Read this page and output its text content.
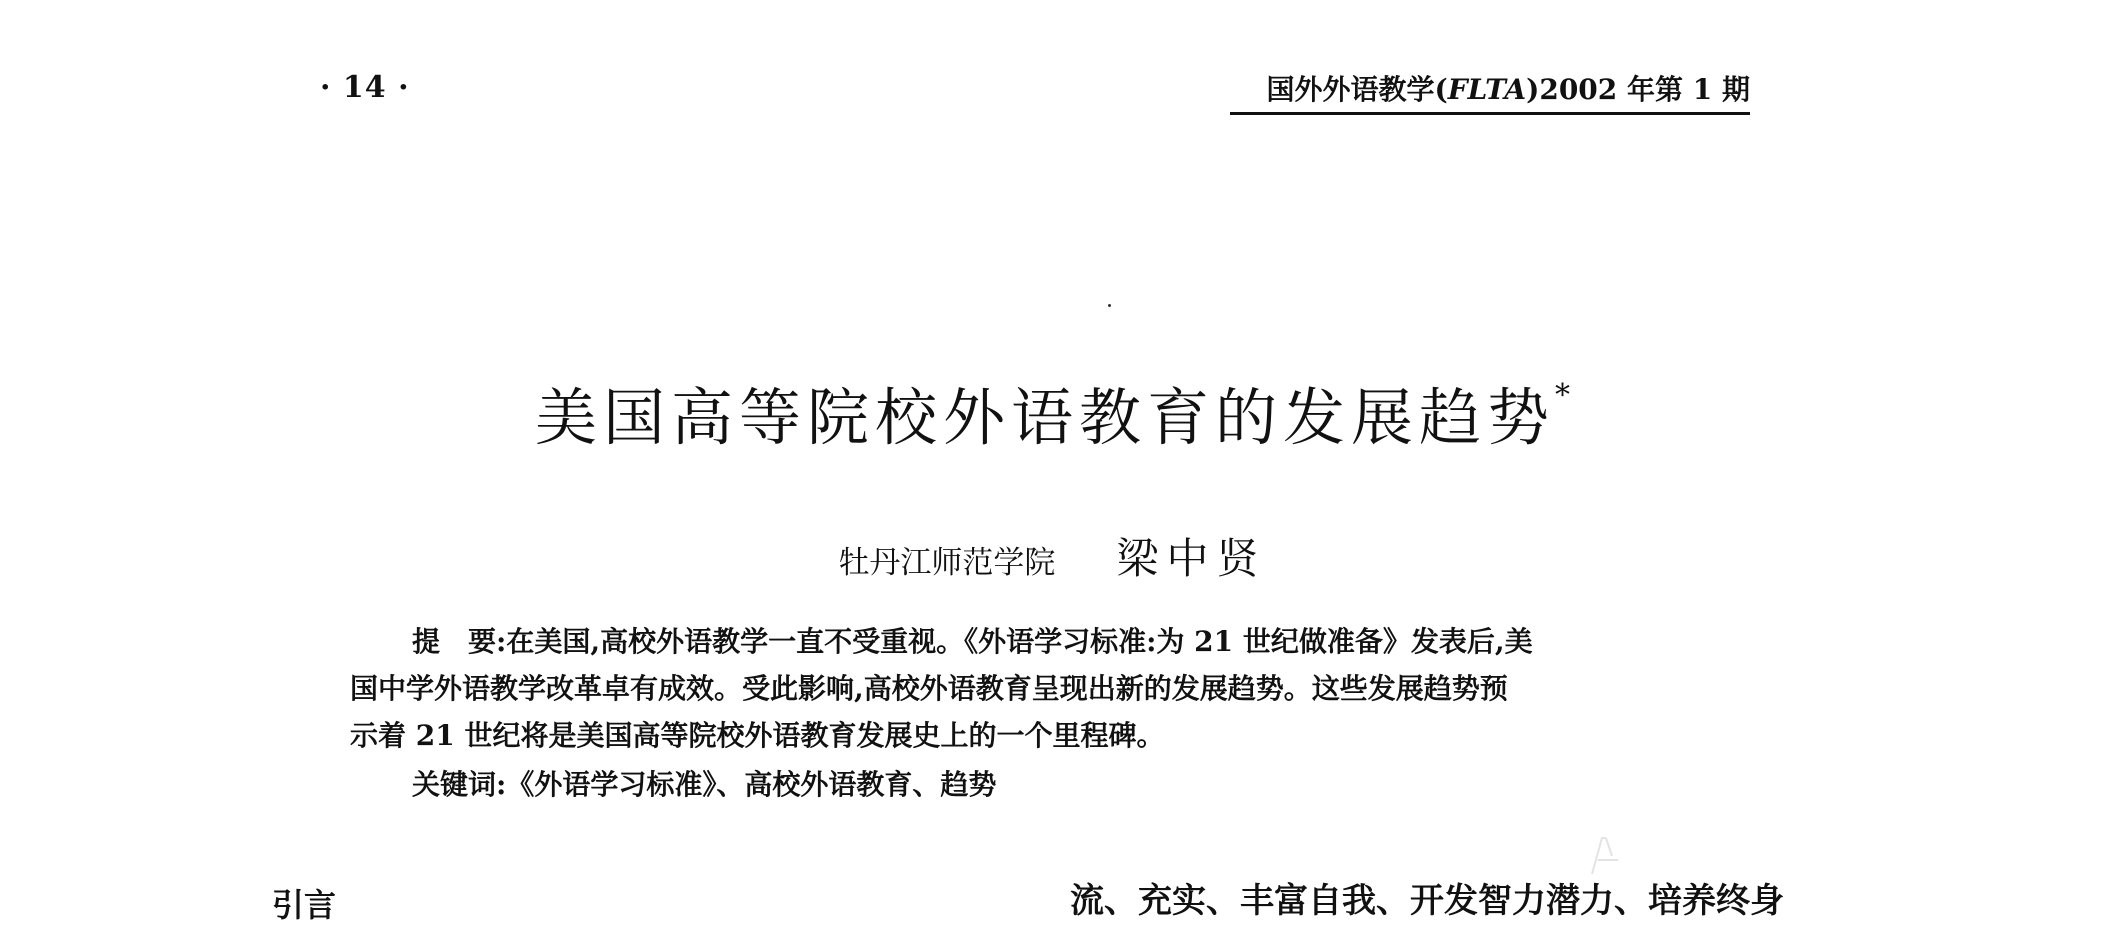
· 14 ·	国外外语教学(FLTA)2002 年第 1 期
美国高等院校外语教育的发展趋势*
牡丹江师范学院 梁中贤
提　要:在美国,高校外语教学一直不受重视。《外语学习标准:为 21 世纪做准备》发表后,美
国中学外语教学改革卓有成效。受此影响,高校外语教育呈现出新的发展趋势。这些发展趋势预
示着 21 世纪将是美国高等院校外语教育发展史上的一个里程碑。
关键词:《外语学习标准》、高校外语教育、趋势
引言	流、充实、丰富自我、开发智力潜力、培养终身
